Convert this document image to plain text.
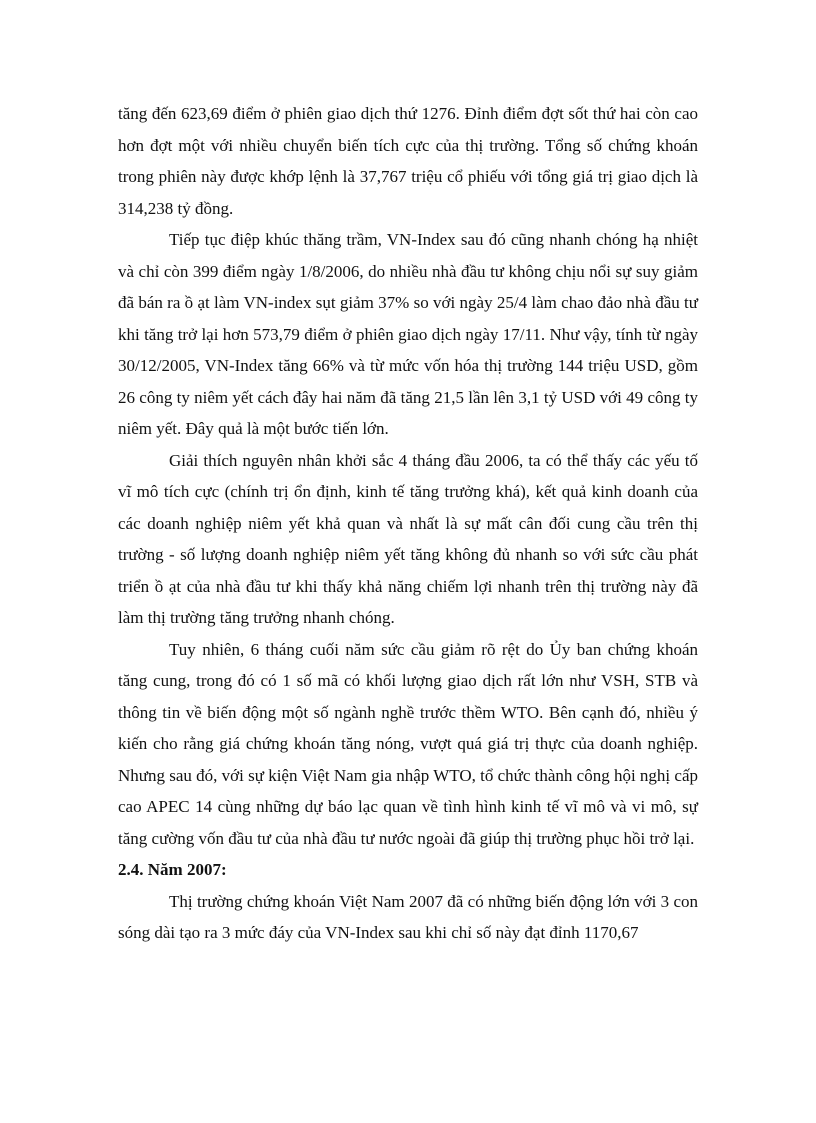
tăng đến 623,69 điểm ở phiên giao dịch thứ 1276. Đỉnh điểm đợt sốt thứ hai còn cao hơn đợt một với nhiều chuyển biến tích cực của thị trường. Tổng số chứng khoán trong phiên này được khớp lệnh là 37,767 triệu cổ phiếu với tổng giá trị giao dịch là 314,238 tỷ đồng.

Tiếp tục điệp khúc thăng trầm, VN-Index sau đó cũng nhanh chóng hạ nhiệt và chỉ còn 399 điểm ngày 1/8/2006, do nhiều nhà đầu tư không chịu nổi sự suy giảm đã bán ra ồ ạt làm VN-index sụt giảm 37% so với ngày 25/4 làm chao đảo nhà đầu tư khi tăng trở lại hơn 573,79 điểm ở phiên giao dịch ngày 17/11. Như vậy, tính từ ngày 30/12/2005, VN-Index tăng 66% và từ mức vốn hóa thị trường 144 triệu USD, gồm 26 công ty niêm yết cách đây hai năm đã tăng 21,5 lần lên 3,1 tỷ USD với 49 công ty niêm yết. Đây quả là một bước tiến lớn.

Giải thích nguyên nhân khởi sắc 4 tháng đầu 2006, ta có thể thấy các yếu tố vĩ mô tích cực (chính trị ổn định, kinh tế tăng trưởng khá), kết quả kinh doanh của các doanh nghiệp niêm yết khả quan và nhất là sự mất cân đối cung cầu trên thị trường - số lượng doanh nghiệp niêm yết tăng không đủ nhanh so với sức cầu phát triển ồ ạt của nhà đầu tư khi thấy khả năng chiếm lợi nhanh trên thị trường này đã làm thị trường tăng trưởng nhanh chóng.

Tuy nhiên, 6 tháng cuối năm sức cầu giảm rõ rệt do Ủy ban chứng khoán tăng cung, trong đó có 1 số mã có khối lượng giao dịch rất lớn như VSH, STB và thông tin về biến động một số ngành nghề trước thềm WTO. Bên cạnh đó, nhiều ý kiến cho rằng giá chứng khoán tăng nóng, vượt quá giá trị thực của doanh nghiệp. Nhưng sau đó, với sự kiện Việt Nam gia nhập WTO, tổ chức thành công hội nghị cấp cao APEC 14 cùng những dự báo lạc quan về tình hình kinh tế vĩ mô và vi mô, sự tăng cường vốn đầu tư của nhà đầu tư nước ngoài đã giúp thị trường phục hồi trở lại.

2.4. Năm 2007:

Thị trường chứng khoán Việt Nam 2007 đã có những biến động lớn với 3 con sóng dài tạo ra 3 mức đáy của VN-Index sau khi chỉ số này đạt đỉnh 1170,67
